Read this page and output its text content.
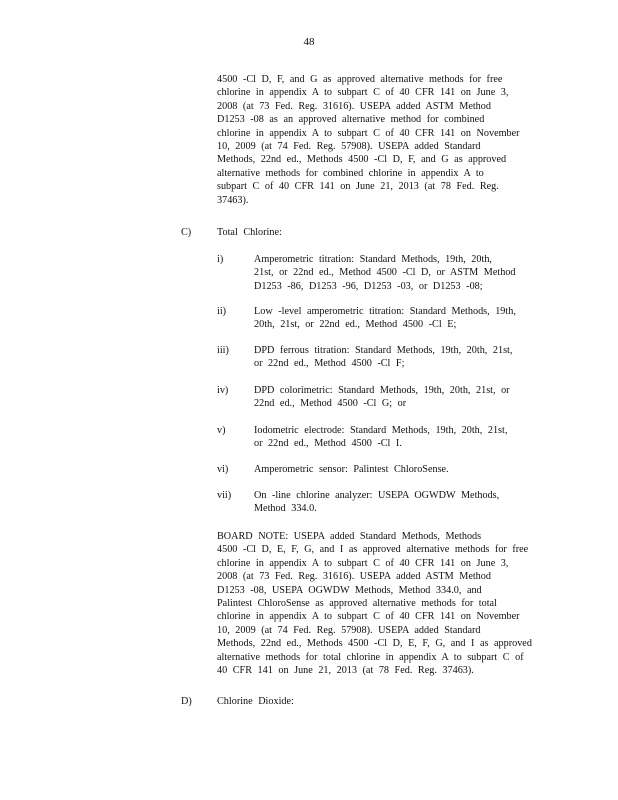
48
4500 -Cl D, F, and G as approved alternative methods for free
chlorine in appendix A to subpart C of 40 CFR 141 on June 3,
2008 (at 73 Fed. Reg. 31616). USEPA added ASTM Method
D1253 -08 as an approved alternative method for combined
chlorine in appendix A to subpart C of 40 CFR 141 on November
10, 2009 (at 74 Fed. Reg. 57908). USEPA added Standard
Methods, 22nd ed., Methods 4500 -Cl D, F, and G as approved
alternative methods for combined chlorine in appendix A to
subpart C of 40 CFR 141 on June 21, 2013 (at 78 Fed. Reg.
37463).
C)	Total Chlorine:
i)	Amperometric titration: Standard Methods, 19th, 20th,
21st, or 22nd ed., Method 4500 -Cl D, or ASTM Method
D1253 -86, D1253 -96, D1253 -03, or D1253 -08;
ii)	Low -level amperometric titration: Standard Methods, 19th,
20th, 21st, or 22nd ed., Method 4500 -Cl E;
iii) DPD ferrous titration: Standard Methods, 19th, 20th, 21st,
or 22nd ed., Method 4500 -Cl F;
iv)	DPD colorimetric: Standard Methods, 19th, 20th, 21st, or
22nd ed., Method 4500 -Cl G; or
v)	Iodometric electrode: Standard Methods, 19th, 20th, 21st,
or 22nd ed., Method 4500 -Cl I.
vi)	Amperometric sensor: Palintest ChloroSense.
vii) On -line chlorine analyzer: USEPA OGWDW Methods,
Method 334.0.
BOARD NOTE: USEPA added Standard Methods, Methods
4500 -Cl D, E, F, G, and I as approved alternative methods for free
chlorine in appendix A to subpart C of 40 CFR 141 on June 3,
2008 (at 73 Fed. Reg. 31616). USEPA added ASTM Method
D1253 -08, USEPA OGWDW Methods, Method 334.0, and
Palintest ChloroSense as approved alternative methods for total
chlorine in appendix A to subpart C of 40 CFR 141 on November
10, 2009 (at 74 Fed. Reg. 57908). USEPA added Standard
Methods, 22nd ed., Methods 4500 -Cl D, E, F, G, and I as approved
alternative methods for total chlorine in appendix A to subpart C of
40 CFR 141 on June 21, 2013 (at 78 Fed. Reg. 37463).
D) Chlorine Dioxide:
